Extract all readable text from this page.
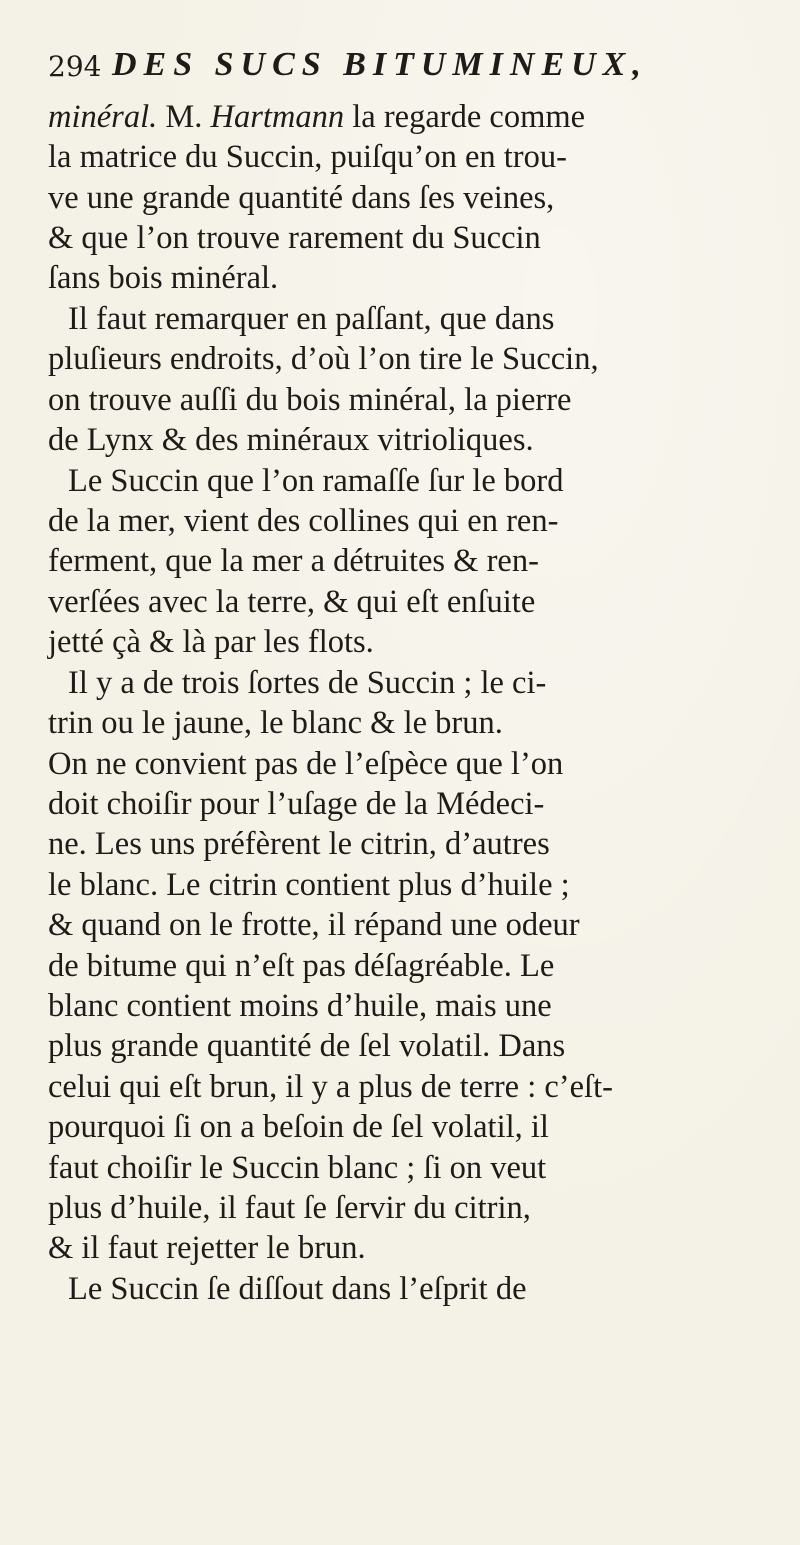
294 DES SUCS BITUMINEUX,
minéral. M. Hartmann la regarde comme
la matrice du Succin, puiſqu’on en trou-
ve une grande quantité dans ſes veines,
& que l’on trouve rarement du Succin
ſans bois minéral.
Il faut remarquer en paſſant, que dans
pluſieurs endroits, d’où l’on tire le Succin,
on trouve auſſi du bois minéral, la pierre
de Lynx & des minéraux vitrioliques.
Le Succin que l’on ramaſſe ſur le bord
de la mer, vient des collines qui en ren-
ferment, que la mer a détruites & ren-
verſées avec la terre, & qui eſt enſuite
jetté çà & là par les flots.
Il y a de trois ſortes de Succin ; le ci-
trin ou le jaune, le blanc & le brun.
On ne convient pas de l’eſpèce que l’on
doit choiſir pour l’uſage de la Médeci-
ne. Les uns préfèrent le citrin, d’autres
le blanc. Le citrin contient plus d’huile ;
& quand on le frotte, il répand une odeur
de bitume qui n’eſt pas déſagréable. Le
blanc contient moins d’huile, mais une
plus grande quantité de ſel volatil. Dans
celui qui eſt brun, il y a plus de terre : c’eſt-
pourquoi ſi on a beſoin de ſel volatil, il
faut choiſir le Succin blanc ; ſi on veut
plus d’huile, il faut ſe ſervir du citrin,
& il faut rejetter le brun.
Le Succin ſe diſſout dans l’eſprit de
